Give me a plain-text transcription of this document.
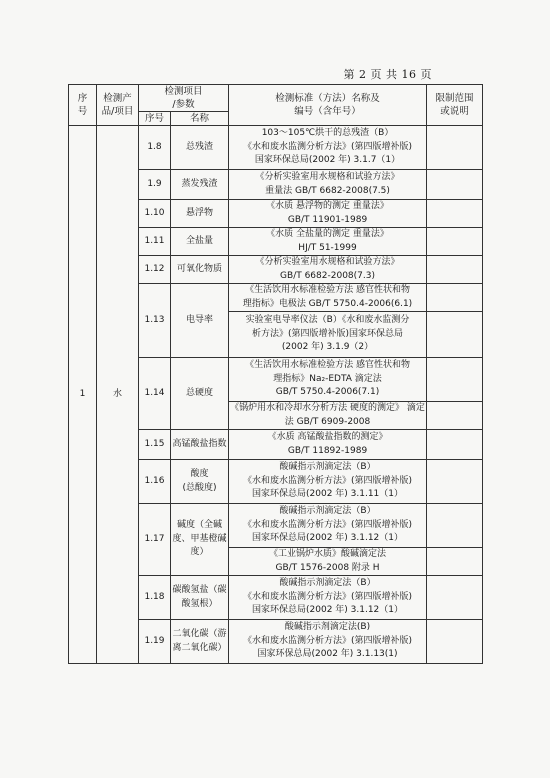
第 2 页 共 16 页
序
号	检测产
品/项目	检测项目
/参数		检测标准（方法）名称及
编号（含年号）	限制范围
或说明
		序号	名称		
1	水	1.8	总残渣	103～105℃烘干的总残渣（B）
《水和废水监测分析方法》(第四版增补版)
国家环保总局(2002 年) 3.1.7（1）	

		1.9	蒸发残渣	《分析实验室用水规格和试验方法》
重量法 GB/T 6682-2008(7.5)	

		1.10	悬浮物	《水质 悬浮物的测定 重量法》
GB/T 11901-1989	

		1.11	全盐量	《水质 全盐量的测定 重量法》
HJ/T 51-1999	

		1.12	可氧化物质	《分析实验室用水规格和试验方法》
GB/T 6682-2008(7.3)	

		1.13	电导率	《生活饮用水标准检验方法 感官性状和物
理指标》电极法 GB/T 5750.4-2006(6.1)	

				实验室电导率仪法（B）《水和废水监测分
析方法》(第四版增补版)国家环保总局
(2002 年) 3.1.9（2）	

		1.14	总硬度	《生活饮用水标准检验方法 感官性状和物
理指标》Na₂-EDTA 滴定法
GB/T 5750.4-2006(7.1)	

				《锅炉用水和冷却水分析方法 硬度的测定》 滴定法 GB/T 6909-2008	

		1.15	高锰酸盐指数	《水质 高锰酸盐指数的测定》
GB/T 11892-1989	

		1.16	酸度
(总酸度)	酸碱指示剂滴定法（B）
《水和废水监测分析方法》(第四版增补版)
国家环保总局(2002 年) 3.1.11（1）	

		1.17	碱度（全碱度、甲基橙碱度）	酸碱指示剂滴定法（B）
《水和废水监测分析方法》(第四版增补版)
国家环保总局(2002 年) 3.1.12（1）	

				《工业锅炉水质》酸碱滴定法
GB/T 1576-2008 附录 H	

		1.18	碳酸氢盐（碳酸氢根）	酸碱指示剂滴定法（B）
《水和废水监测分析方法》(第四版增补版)
国家环保总局(2002 年) 3.1.12（1）	

		1.19	二氧化碳（游离二氧化碳）	酸碱指示剂滴定法(B)
《水和废水监测分析方法》(第四版增补版)
国家环保总局(2002 年) 3.1.13(1)	
